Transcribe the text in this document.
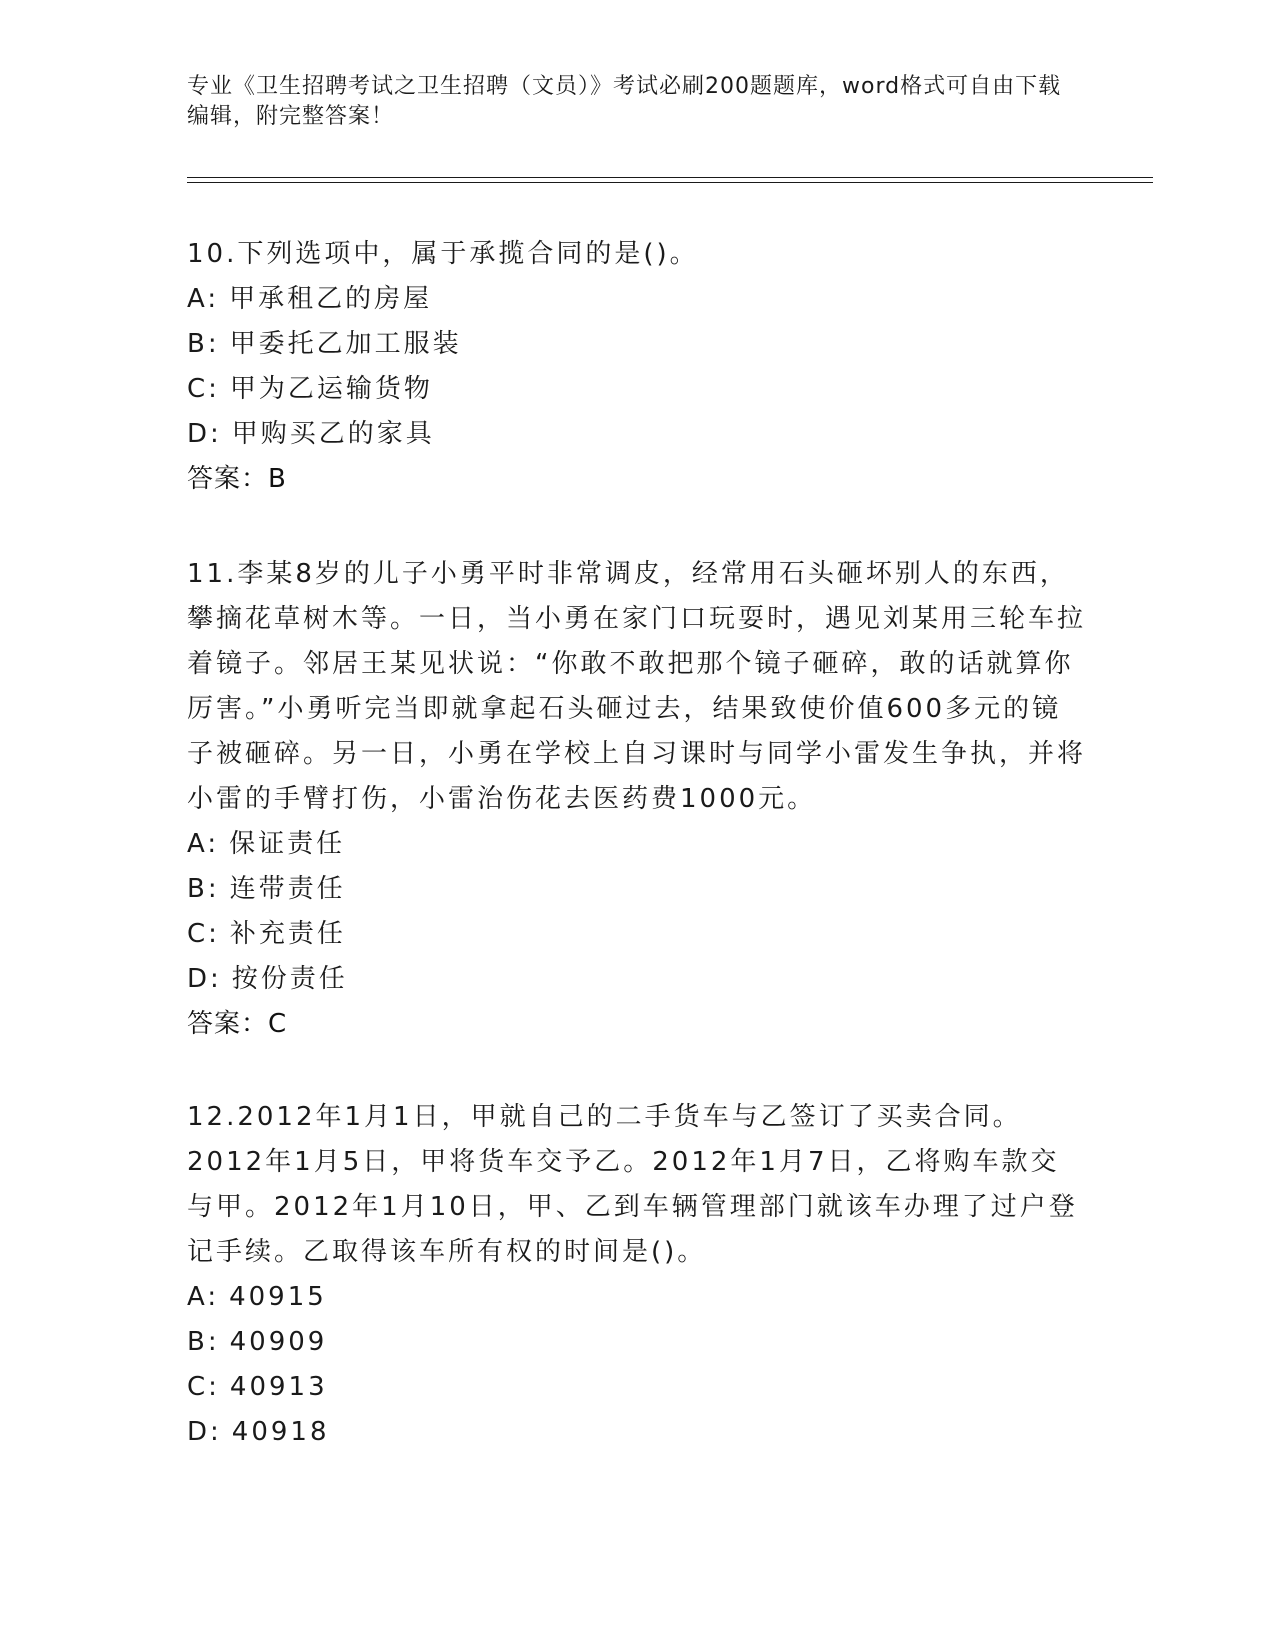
专业《卫生招聘考试之卫生招聘（文员）》考试必刷200题题库，word格式可自由下载编辑，附完整答案！

10.下列选项中，属于承揽合同的是()。

A: 甲承租乙的房屋
B: 甲委托乙加工服装
C: 甲为乙运输货物
D: 甲购买乙的家具

答案：B

11.李某8岁的儿子小勇平时非常调皮，经常用石头砸坏别人的东西，攀摘花草树木等。一日，当小勇在家门口玩耍时，遇见刘某用三轮车拉着镜子。邻居王某见状说：“你敢不敢把那个镜子砸碎，敢的话就算你厉害。”小勇听完当即就拿起石头砸过去，结果致使价值600多元的镜子被砸碎。另一日，小勇在学校上自习课时与同学小雷发生争执，并将小雷的手臂打伤，小雷治伤花去医药费1000元。

A: 保证责任
B: 连带责任
C: 补充责任
D: 按份责任

答案：C

12.2012年1月1日，甲就自己的二手货车与乙签订了买卖合同。2012年1月5日，甲将货车交予乙。2012年1月7日，乙将购车款交与甲。2012年1月10日，甲、乙到车辆管理部门就该车办理了过户登记手续。乙取得该车所有权的时间是()。

A: 40915
B: 40909
C: 40913
D: 40918
